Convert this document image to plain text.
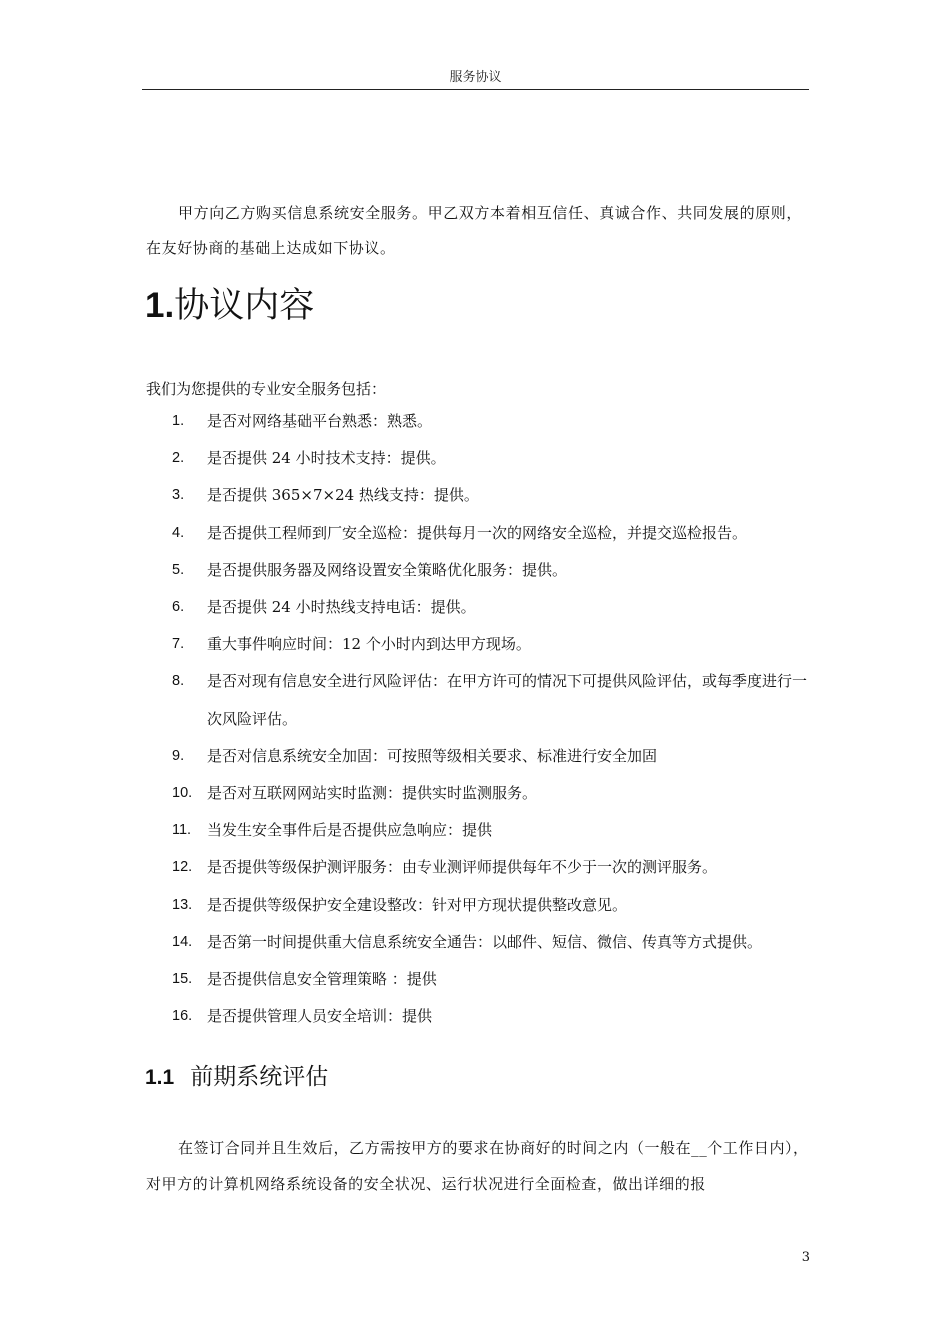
服务协议

甲方向乙方购买信息系统安全服务。甲乙双方本着相互信任、真诚合作、共同发展的原则，在友好协商的基础上达成如下协议。

1.协议内容

我们为您提供的专业安全服务包括：

1.	是否对网络基础平台熟悉：熟悉。
2.	是否提供 24 小时技术支持：提供。
3.	是否提供 365×7×24 热线支持：提供。
4.	是否提供工程师到厂安全巡检：提供每月一次的网络安全巡检，并提交巡检报告。
5.	是否提供服务器及网络设置安全策略优化服务：提供。
6.	是否提供 24 小时热线支持电话：提供。
7.	重大事件响应时间：12 个小时内到达甲方现场。
8.	是否对现有信息安全进行风险评估：在甲方许可的情况下可提供风险评估，或每季度进行一次风险评估。
9.	是否对信息系统安全加固：可按照等级相关要求、标准进行安全加固
10. 是否对互联网网站实时监测：提供实时监测服务。
11.	当发生安全事件后是否提供应急响应：提供
12. 是否提供等级保护测评服务：由专业测评师提供每年不少于一次的测评服务。
13. 是否提供等级保护安全建设整改：针对甲方现状提供整改意见。
14. 是否第一时间提供重大信息系统安全通告：以邮件、短信、微信、传真等方式提供。
15. 是否提供信息安全管理策略 ：提供
16. 是否提供管理人员安全培训：提供
1.1 前期系统评估

在签订合同并且生效后，乙方需按甲方的要求在协商好的时间之内（一般在__个工作日内），对甲方的计算机网络系统设备的安全状况、运行状况进行全面检查，做出详细的报

3
